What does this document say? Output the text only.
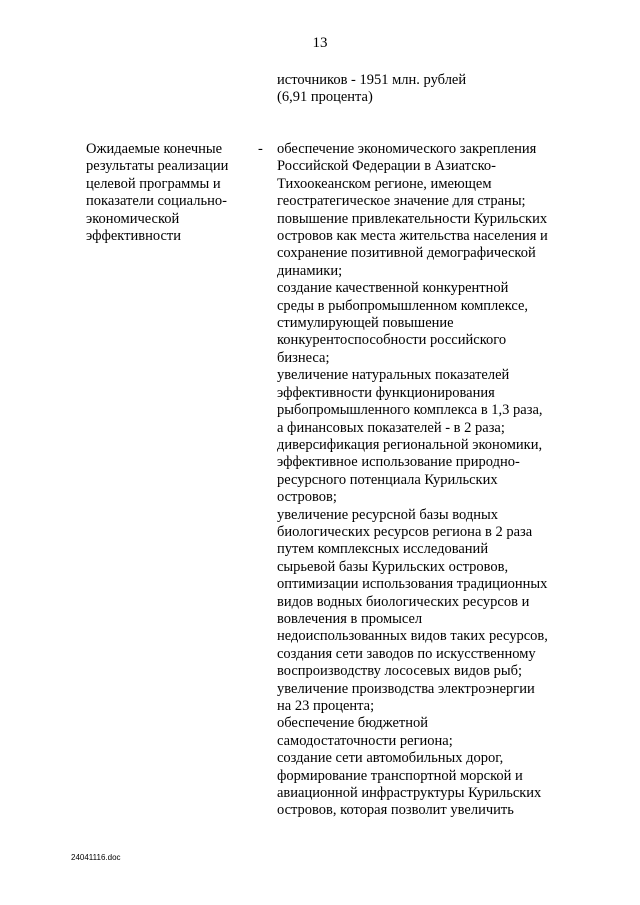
13
источников - 1951 млн. рублей
(6,91 процента)
Ожидаемые конечные
результаты реализации
целевой программы и
показатели социально-
экономической
эффективности
- обеспечение экономического закрепления
Российской Федерации в Азиатско-
Тихоокеанском регионе, имеющем
геостратегическое значение для страны;
повышение привлекательности Курильских
островов как места жительства населения и
сохранение позитивной демографической
динамики;
создание качественной конкурентной
среды в рыбопромышленном комплексе,
стимулирующей повышение
конкурентоспособности российского
бизнеса;
увеличение натуральных показателей
эффективности функционирования
рыбопромышленного комплекса в 1,3 раза,
а финансовых показателей - в 2 раза;
диверсификация региональной экономики,
эффективное использование природно-
ресурсного потенциала Курильских
островов;
увеличение ресурсной базы водных
биологических ресурсов региона в 2 раза
путем комплексных исследований
сырьевой базы Курильских островов,
оптимизации использования традиционных
видов водных биологических ресурсов и
вовлечения в промысел
недоиспользованных видов таких ресурсов,
создания сети заводов по искусственному
воспроизводству лососевых видов рыб;
увеличение производства электроэнергии
на 23 процента;
обеспечение бюджетной
самодостаточности региона;
создание сети автомобильных дорог,
формирование транспортной морской и
авиационной инфраструктуры Курильских
островов, которая позволит увеличить
24041116.doc
